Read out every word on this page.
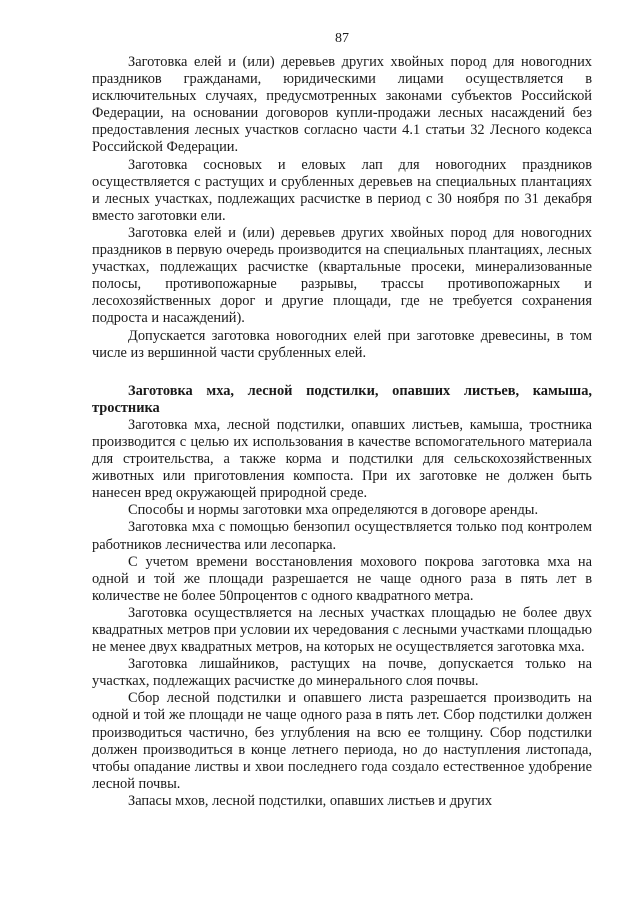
87

Заготовка елей и (или) деревьев других хвойных пород для новогодних праздников гражданами, юридическими лицами осуществляется в исключительных случаях, предусмотренных законами субъектов Российской Федерации, на основании договоров купли-продажи лесных насаждений без предоставления лесных участков согласно части 4.1 статьи 32 Лесного кодекса Российской Федерации.

Заготовка сосновых и еловых лап для новогодних праздников осуществляется с растущих и срубленных деревьев на специальных плантациях и лесных участках, подлежащих расчистке в период с 30 ноября по 31 декабря вместо заготовки ели.

Заготовка елей и (или) деревьев других хвойных пород для новогодних праздников в первую очередь производится на специальных плантациях, лесных участках, подлежащих расчистке (квартальные просеки, минерализованные полосы, противопожарные разрывы, трассы противопожарных и лесохозяйственных дорог и другие площади, где не требуется сохранения подроста и насаждений).

Допускается заготовка новогодних елей при заготовке древесины, в том числе из вершинной части срубленных елей.

Заготовка мха, лесной подстилки, опавших листьев, камыша, тростника

Заготовка мха, лесной подстилки, опавших листьев, камыша, тростника производится с целью их использования в качестве вспомогательного материала для строительства, а также корма и подстилки для сельскохозяйственных животных или приготовления компоста. При их заготовке не должен быть нанесен вред окружающей природной среде.

Способы и нормы заготовки мха определяются в договоре аренды.

Заготовка мха с помощью бензопил осуществляется только под контролем работников лесничества или лесопарка.

С учетом времени восстановления мохового покрова заготовка мха на одной и той же площади разрешается не чаще одного раза в пять лет в количестве не более 50процентов с одного квадратного метра.

Заготовка осуществляется на лесных участках площадью не более двух квадратных метров при условии их чередования с лесными участками площадью не менее двух квадратных метров, на которых не осуществляется заготовка мха.

Заготовка лишайников, растущих на почве, допускается только на участках, подлежащих расчистке до минерального слоя почвы.

Сбор лесной подстилки и опавшего листа разрешается производить на одной и той же площади не чаще одного раза в пять лет. Сбор подстилки должен производиться частично, без углубления на всю ее толщину. Сбор подстилки должен производиться в конце летнего периода, но до наступления листопада, чтобы опадание листвы и хвои последнего года создало естественное удобрение лесной почвы.

Запасы мхов, лесной подстилки, опавших листьев и других
